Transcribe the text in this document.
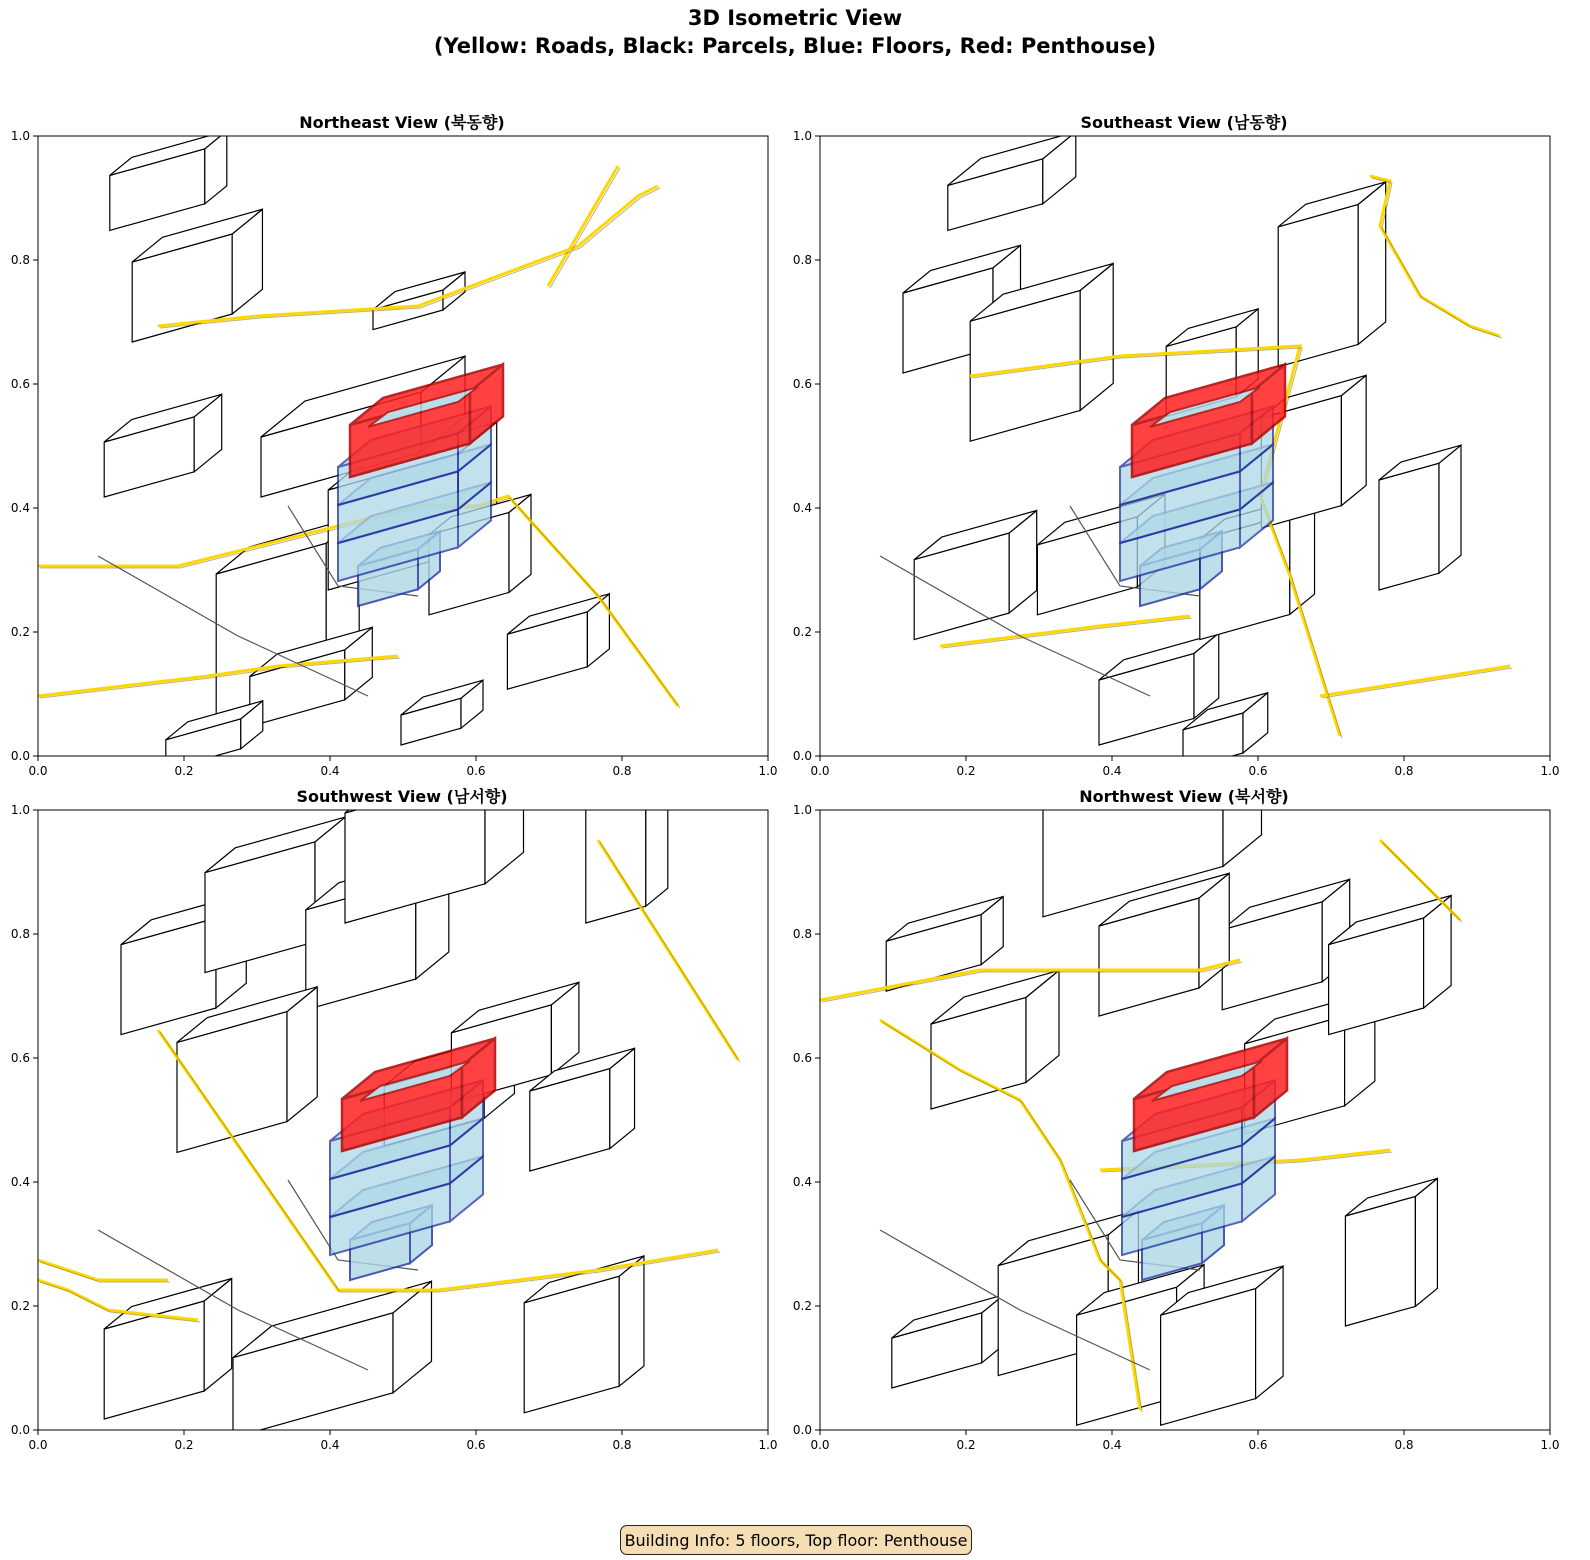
3D Isometric View
(Yellow: Roads, Black: Parcels, Blue: Floors, Red: Penthouse)
Northeast View (북동향)	Southeast View (남동향)
Southwest View (남서향)	Northwest View (북서향)
0.0
0.0
0.2
0.2
0.4
0.4
0.6
0.6
0.8
0.8
1.0
1.0
0.0
0.0
0.2
0.2
0.4
0.4
0.6
0.6
0.8
0.8
1.0
1.0
0.0
0.0
0.2
0.2
0.4
0.4
0.6
0.6
0.8
0.8
1.0
1.0
0.0
0.0
0.2
0.2
0.4
0.4
0.6
0.6
0.8
0.8
1.0
1.0
Building Info: 5 floors, Top floor: Penthouse
